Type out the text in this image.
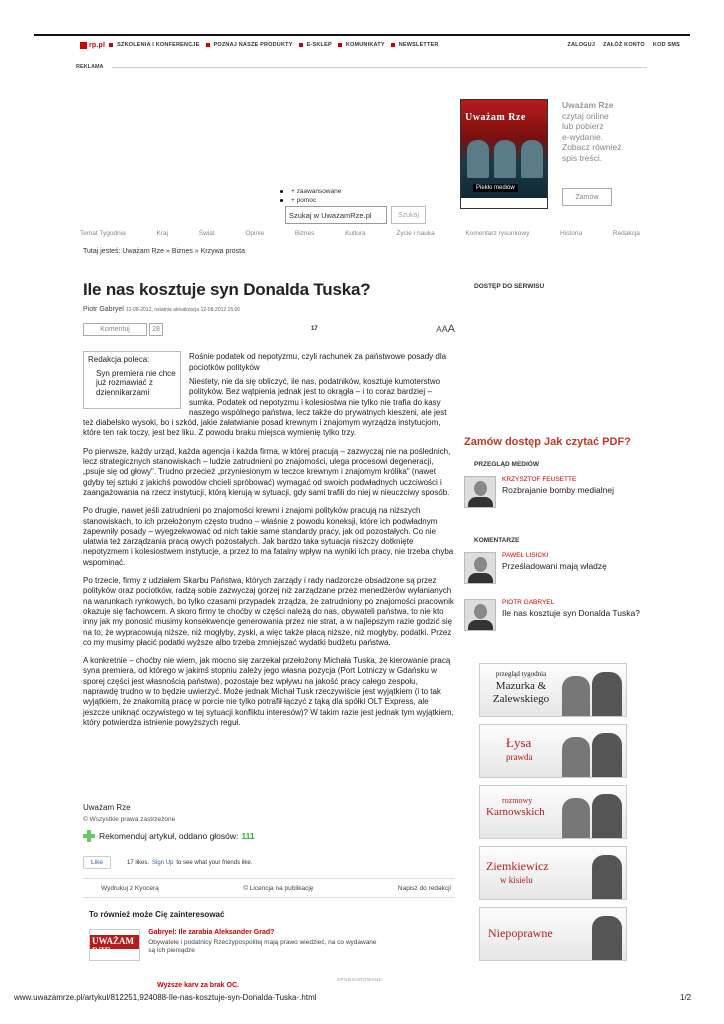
rp.pl SZKOLENIA I KONFERENCJE	POZNAJ NASZE PRODUKTY	E-SKLEP	KOMUNIKATY	NEWSLETTER	ZALOGUJ ZAŁÓŻ KONTO KOD SMS
REKLAMA
Uważam Rze
Piekło mediów
Uważam Rze
czytaj online
lub pobierz
e-wydanie.
Zobacz również
spis treści.
Zamów
+ zaawansowane
+ pomoc
Szukaj w UważamRze.pl	Szukaj
Temat Tygodnia	Kraj	Świat	Opinie	Biznes	Kultura	Życie i nauka	Komentarz rysunkowy	Historia	Redakcja
Tutaj jesteś: Uważam Rze » Biznes » Krzywa prosta
Ile nas kosztuje syn Donalda Tuska?
Piotr Gabryel 12-08-2012, ostatnia aktualizacja 12-08-2012 15:00
Komentuj	28	17	AAA
Redakcja poleca:
Syn premiera nie chce już rozmawiać z dziennikarzami
Rośnie podatek od nepotyzmu, czyli rachunek za państwowe posady dla pociotków polityków

Niestety, nie da się obliczyć, ile nas, podatników, kosztuje kumoterstwo polityków. Bez wątpienia jednak jest to okrągła – i to coraz bardziej – sumka. Podatek od nepotyzmu i kolesiostwa nie tylko nie trafia do kasy naszego wspólnego państwa, lecz także do prywatnych kieszeni, ale jest też diabelsko wysoki, bo i szkód, jakie załatwianie posad krewnym i znajomym wyrządza instytucjom, które ten rak toczy, jest bez liku. Z powodu braku miejsca wymienię tylko trzy.

Po pierwsze, każdy urząd, każda agencja i każda firma, w której pracują – zazwyczaj nie na poślednich, lecz strategicznych stanowiskach – ludzie zatrudnieni po znajomości, ulega procesowi degeneracji, „psuje się od głowy". Trudno przecież „przyniesionym w teczce krewnym i znajomym królika" (nawet gdyby tej sztuki z jakichś powodów chcieli spróbować) wymagać od swoich podwładnych uczciwości i zaangażowania na rzecz instytucji, którą kierują w sytuacji, gdy sami trafili do niej w nieuczciwy sposób.

Po drugie, nawet jeśli zatrudnieni po znajomości krewni i znajomi polityków pracują na niższych stanowiskach, to ich przełożonym często trudno – właśnie z powodu koneksji, które ich podwładnym zapewniły posady – wyegzekwować od nich takie same standardy pracy, jak od pozostałych. Co nie ułatwia też zarządzania pracą owych pozostałych. Jak bardzo taka sytuacja niszczy dotknięte nepotyzmem i kolesiostwem instytucje, a przez to ma fatalny wpływ na wyniki ich pracy, nie trzeba chyba wspominać.

Po trzecie, firmy z udziałem Skarbu Państwa, których zarządy i rady nadzorcze obsadzone są przez polityków oraz pociotków, radzą sobie zazwyczaj gorzej niż zarządzane przez menedżerów wyłanianych na warunkach rynkowych, bo tylko czasami przypadek zrządza, że zatrudniony po znajomości pracownik okazuje się fachowcem. A skoro firmy te choćby w części należą do nas, obywateli państwa, to nie kto inny jak my ponosić musimy konsekwencje generowania przez nie strat, a w najlepszym razie godzić się na to, że wypracowują niższe, niż mogłyby, zyski, a więc także płacą niższe, niż mogłyby, podatki. Przez co my musimy płacić podatki wyższe albo trzeba zmniejszać wydatki budżetu państwa.

A konkretnie – choćby nie wiem, jak mocno się zarzekał przełożony Michała Tuska, że kierowanie pracą syna premiera, od którego w jakimś stopniu zależy jego własna pozycja (Port Lotniczy w Gdańsku w sporej części jest własnością państwa), pozostaje bez wpływu na jakość pracy całego zespołu, naprawdę trudno w to będzie uwierzyć. Może jednak Michał Tusk rzeczywiście jest wyjątkiem (i to tak wyjątkiem, że znakomitą pracę w porcie nie tylko potrafił łączyć z tąką dla spółki OLT Express, ale jeszcze uniknąć oczywistego w tej sytuacji konfliktu interesów)? W takim razie jest jednak tym wyjątkiem, który potwierdza istnienie powyższych reguł.

Uważam Rze
© Wszystkie prawa zastrzeżone
Rekomenduj artykuł, oddano głosów: 111
Like	17 likes. Sign Up to see what your friends like.
Wydrukuj z Kyocerą	© Licencja na publikację	Napisz do redakcji
To również może Cię zainteresować
UWAŻAM RZE
Gabryel: Ile zarabia Aleksander Grad?
Obywatele i podatnicy Rzeczypospolitej mają prawo wiedzieć, na co wydawane są ich pieniądze
SPONSOROWANE
Wyższe karv za brak OC.
DOSTĘP DO SERWISU
Zamów dostęp Jak czytać PDF?
PRZEGLĄD MEDIÓW
KRZYSZTOF FEUSETTE
Rozbrajanie bomby medialnej
KOMENTARZE
PAWEŁ LISICKI
Prześladowani mają władzę
PIOTR GABRYEL
Ile nas kosztuje syn Donalda Tuska?
przegląd tygodnia
Mazurka & Zalewskiego
Łysa
prawda
rozmowy
Karnowskich
Ziemkiewicz
w kisielu
Niepoprawne
www.uwazamrze.pl/artykul/812251,924088-Ile-nas-kosztuje-syn-Donalda-Tuska-.html	1/2
